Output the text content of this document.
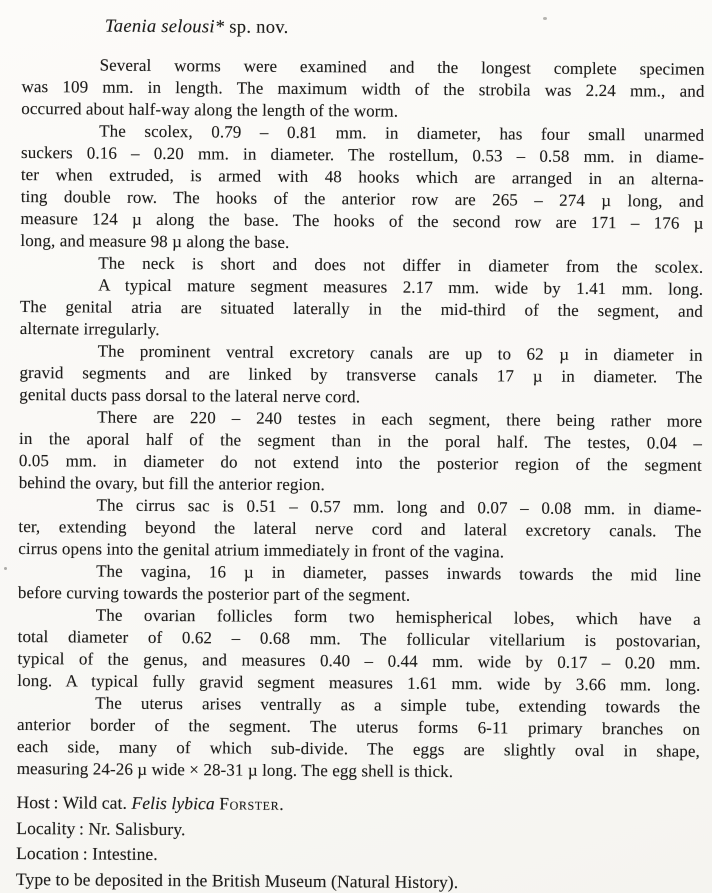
Taenia selousi* sp. nov.
Several worms were examined and the longest complete specimen
was 109 mm. in length. The maximum width of the strobila was 2.24 mm., and
occurred about half-way along the length of the worm.
The scolex, 0.79 – 0.81 mm. in diameter, has four small unarmed
suckers 0.16 – 0.20 mm. in diameter. The rostellum, 0.53 – 0.58 mm. in diame-
ter when extruded, is armed with 48 hooks which are arranged in an alterna-
ting double row. The hooks of the anterior row are 265 – 274 µ long, and
measure 124 µ along the base. The hooks of the second row are 171 – 176 µ
long, and measure 98 µ along the base.
The neck is short and does not differ in diameter from the scolex.
A typical mature segment measures 2.17 mm. wide by 1.41 mm. long.
The genital atria are situated laterally in the mid-third of the segment, and
alternate irregularly.
The prominent ventral excretory canals are up to 62 µ in diameter in
gravid segments and are linked by transverse canals 17 µ in diameter. The
genital ducts pass dorsal to the lateral nerve cord.
There are 220 – 240 testes in each segment, there being rather more
in the aporal half of the segment than in the poral half. The testes, 0.04 –
0.05 mm. in diameter do not extend into the posterior region of the segment
behind the ovary, but fill the anterior region.
The cirrus sac is 0.51 – 0.57 mm. long and 0.07 – 0.08 mm. in diame-
ter, extending beyond the lateral nerve cord and lateral excretory canals. The
cirrus opens into the genital atrium immediately in front of the vagina.
The vagina, 16 µ in diameter, passes inwards towards the mid line
before curving towards the posterior part of the segment.
The ovarian follicles form two hemispherical lobes, which have a
total diameter of 0.62 – 0.68 mm. The follicular vitellarium is postovarian,
typical of the genus, and measures 0.40 – 0.44 mm. wide by 0.17 – 0.20 mm.
long. A typical fully gravid segment measures 1.61 mm. wide by 3.66 mm. long.
The uterus arises ventrally as a simple tube, extending towards the
anterior border of the segment. The uterus forms 6-11 primary branches on
each side, many of which sub-divide. The eggs are slightly oval in shape,
measuring 24-26 µ wide × 28-31 µ long. The egg shell is thick.
Host : Wild cat. Felis lybica Forster.
Locality : Nr. Salisbury.
Location : Intestine.
Type to be deposited in the British Museum (Natural History).
